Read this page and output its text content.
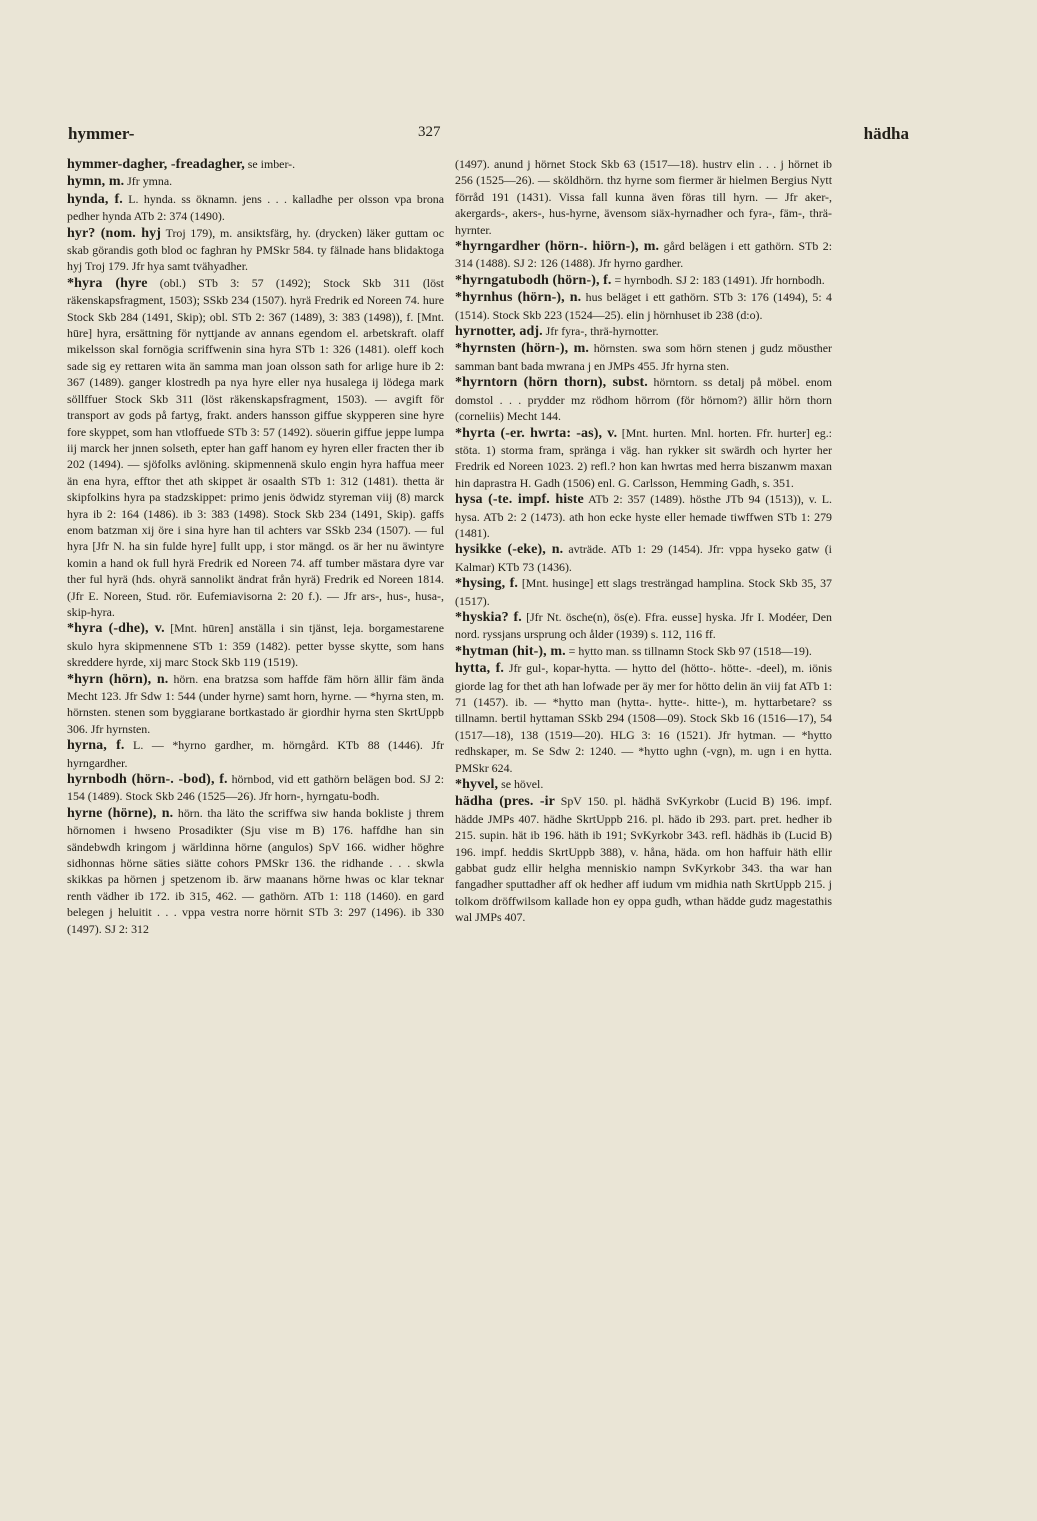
hymmer-	327	hädha

hymmer-dagher, -freadagher, se imber-.

hymn, m. Jfr ymna.

hynda, f. L. hynda. ss öknamn. jens . . . kalladhe per olsson vpa brona pedher hynda ATb 2: 374 (1490).

hyr? (nom. hyj Troj 179), m. ansiktsfärg, hy. (drycken) läker guttam oc skab görandis goth blod oc faghran hy PMSkr 584. ty fälnade hans blidaktoga hyj Troj 179. Jfr hya samt tvähyadher.

*hyra (hyre (obl.) STb 3: 57 (1492); Stock Skb 311 (löst räkenskapsfragment, 1503); SSkb 234 (1507). hyrä Fredrik ed Noreen 74. hure Stock Skb 284 (1491, Skip); obl. STb 2: 367 (1489), 3: 383 (1498)), f. [Mnt. hūre] hyra, ersättning för nyttjande av annans egendom el. arbetskraft. olaff mikelsson skal fornögia scriffwenin sina hyra STb 1: 326 (1481). oleff koch sade sig ey rettaren wita än samma man joan olsson sath for arlige hure ib 2: 367 (1489). ganger klostredh pa nya hyre eller nya husalega ij lödega mark söllffuer Stock Skb 311 (löst räkenskapsfragment, 1503). — avgift för transport av gods på fartyg, frakt. anders hansson giffue skypperen sine hyre fore skyppet, som han vtloffuede STb 3: 57 (1492). söuerin giffue jeppe lumpa iij marck her jnnen solseth, epter han gaff hanom ey hyren eller fracten ther ib 202 (1494). — sjöfolks avlöning. skipmennenä skulo engin hyra haffua meer än ena hyra, efftor thet ath skippet är osaalth STb 1: 312 (1481). thetta är skipfolkins hyra pa stadzskippet: primo jenis ödwidz styreman viij (8) marck hyra ib 2: 164 (1486). ib 3: 383 (1498). Stock Skb 234 (1491, Skip). gaffs enom batzman xij öre i sina hyre han til achters var SSkb 234 (1507). — ful hyra [Jfr N. ha sin fulde hyre] fullt upp, i stor mängd. os är her nu äwintyre komin a hand ok full hyrä Fredrik ed Noreen 74. aff tumber mästara dyre var ther ful hyrä (hds. ohyrä sannolikt ändrat från hyrä) Fredrik ed Noreen 1814. (Jfr E. Noreen, Stud. rör. Eufemiavisorna 2: 20 f.). — Jfr ars-, hus-, husa-, skip-hyra.

*hyra (-dhe), v. [Mnt. hūren] anställa i sin tjänst, leja. borgamestarene skulo hyra skipmennene STb 1: 359 (1482). petter bysse skytte, som hans skreddere hyrde, xij marc Stock Skb 119 (1519).

*hyrn (hörn), n. hörn. ena bratzsa som haffde fäm hörn ällir fäm ända Mecht 123. Jfr Sdw 1: 544 (under hyrne) samt horn, hyrne. — *hyrna sten, m. hörnsten. stenen som byggiarane bortkastado är giordhir hyrna sten SkrtUppb 306. Jfr hyrnsten.

hyrna, f. L. — *hyrno gardher, m. hörngård. KTb 88 (1446). Jfr hyrngardher.

hyrnbodh (hörn-. -bod), f. hörnbod, vid ett gathörn belägen bod. SJ 2: 154 (1489). Stock Skb 246 (1525—26). Jfr horn-, hyrngatu-bodh.

hyrne (hörne), n. hörn. tha läto the scriffwa siw handa bokliste j threm hörnomen i hwseno Prosadikter (Sju vise m B) 176. haffdhe han sin sändebwdh kringom j wärldinna hörne (angulos) SpV 166. widher höghre sidhonnas hörne säties siätte cohors PMSkr 136. the ridhande . . . skwla skikkas pa hörnen j spetzenom ib. ärw maanans hörne hwas oc klar teknar renth vädher ib 172. ib 315, 462. — gathörn. ATb 1: 118 (1460). en gard belegen j heluitit . . . vppa vestra norre hörnit STb 3: 297 (1496). ib 330 (1497). SJ 2: 312

(1497). anund j hörnet Stock Skb 63 (1517—18). hustrv elin . . . j hörnet ib 256 (1525—26). — sköldhörn. thz hyrne som fiermer är hielmen Bergius Nytt förråd 191 (1431). Vissa fall kunna även föras till hyrn. — Jfr aker-, akergards-, akers-, hus-hyrne, ävensom siäx-hyrnadher och fyra-, fäm-, thrä-hyrnter.

*hyrngardher (hörn-. hiörn-), m. gård belägen i ett gathörn. STb 2: 314 (1488). SJ 2: 126 (1488). Jfr hyrno gardher.

*hyrngatubodh (hörn-), f. = hyrnbodh. SJ 2: 183 (1491). Jfr hornbodh.

*hyrnhus (hörn-), n. hus beläget i ett gathörn. STb 3: 176 (1494), 5: 4 (1514). Stock Skb 223 (1524—25). elin j hörnhuset ib 238 (d:o).

hyrnotter, adj. Jfr fyra-, thrä-hyrnotter.

*hyrnsten (hörn-), m. hörnsten. swa som hörn stenen j gudz möusther samman bant bada mwrana j en JMPs 455. Jfr hyrna sten.

*hyrntorn (hörn thorn), subst. hörntorn. ss detalj på möbel. enom domstol . . . prydder mz rödhom hörrom (för hörnom?) ällir hörn thorn (corneliis) Mecht 144.

*hyrta (-er. hwrta: -as), v. [Mnt. hurten. Mnl. horten. Ffr. hurter] eg.: stöta. 1) storma fram, spränga i väg. han rykker sit swärdh och hyrter her Fredrik ed Noreen 1023. 2) refl.? hon kan hwrtas med herra biszanwm maxan hin daprastra H. Gadh (1506) enl. G. Carlsson, Hemming Gadh, s. 351.

hysa (-te. impf. histe ATb 2: 357 (1489). hösthe JTb 94 (1513)), v. L. hysa. ATb 2: 2 (1473). ath hon ecke hyste eller hemade tiwffwen STb 1: 279 (1481).

hysikke (-eke), n. avträde. ATb 1: 29 (1454). Jfr: vppa hyseko gatw (i Kalmar) KTb 73 (1436).

*hysing, f. [Mnt. husinge] ett slags tresträngad hamplina. Stock Skb 35, 37 (1517).

*hyskia? f. [Jfr Nt. ösche(n), ös(e). Ffra. eusse] hyska. Jfr I. Modéer, Den nord. ryssjans ursprung och ålder (1939) s. 112, 116 ff.

*hytman (hit-), m. = hytto man. ss tillnamn Stock Skb 97 (1518—19).

hytta, f. Jfr gul-, kopar-hytta. — hytto del (hötto-. hötte-. -deel), m. iönis giorde lag for thet ath han lofwade per äy mer for hötto delin än viij fat ATb 1: 71 (1457). ib. — *hytto man (hytta-. hytte-. hitte-), m. hyttarbetare? ss tillnamn. bertil hyttaman SSkb 294 (1508—09). Stock Skb 16 (1516—17), 54 (1517—18), 138 (1519—20). HLG 3: 16 (1521). Jfr hytman. — *hytto redhskaper, m. Se Sdw 2: 1240. — *hytto ughn (-vgn), m. ugn i en hytta. PMSkr 624.

*hyvel, se hövel.

hädha (pres. -ir SpV 150. pl. hädhä SvKyrkobr (Lucid B) 196. impf. hädde JMPs 407. hädhe SkrtUppb 216. pl. hädo ib 293. part. pret. hedher ib 215. supin. hät ib 196. häth ib 191; SvKyrkobr 343. refl. hädhäs ib (Lucid B) 196. impf. heddis SkrtUppb 388), v. håna, häda. om hon haffuir häth ellir gabbat gudz ellir helgha menniskio nampn SvKyrkobr 343. tha war han fangadher sputtadher aff ok hedher aff iudum vm midhia nath SkrtUppb 215. j tolkom dröffwilsom kallade hon ey oppa gudh, wthan hädde gudz magestathis wal JMPs 407.
